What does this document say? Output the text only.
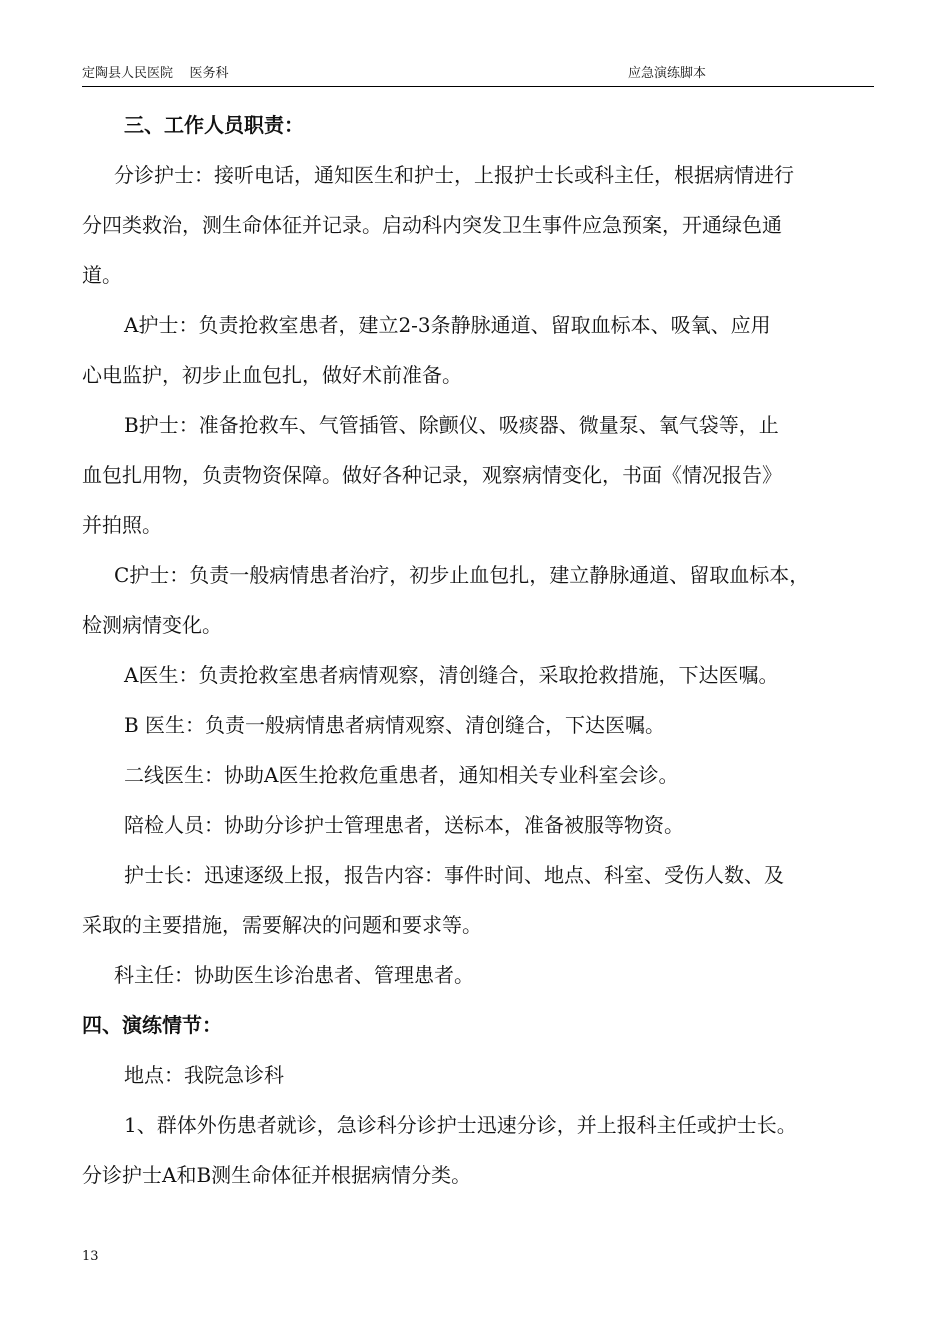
定陶县人民医院    医务科	应急演练脚本
三、工作人员职责：
分诊护士：接听电话，通知医生和护士，上报护士长或科主任，根据病情进行
分四类救治，测生命体征并记录。启动科内突发卫生事件应急预案，开通绿色通
道。
A护士：负责抢救室患者，建立2-3条静脉通道、留取血标本、吸氧、应用
心电监护，初步止血包扎，做好术前准备。
B护士：准备抢救车、气管插管、除颤仪、吸痰器、微量泵、氧气袋等，止
血包扎用物，负责物资保障。做好各种记录，观察病情变化，书面《情况报告》
并拍照。
C护士：负责一般病情患者治疗，初步止血包扎，建立静脉通道、留取血标本，
检测病情变化。
A医生：负责抢救室患者病情观察，清创缝合，采取抢救措施，下达医嘱。
B 医生：负责一般病情患者病情观察、清创缝合，下达医嘱。
二线医生：协助A医生抢救危重患者，通知相关专业科室会诊。
陪检人员：协助分诊护士管理患者，送标本，准备被服等物资。
护士长：迅速逐级上报，报告内容：事件时间、地点、科室、受伤人数、及
采取的主要措施，需要解决的问题和要求等。
科主任：协助医生诊治患者、管理患者。
四、演练情节：
地点：我院急诊科
1、群体外伤患者就诊，急诊科分诊护士迅速分诊，并上报科主任或护士长。
分诊护士A和B测生命体征并根据病情分类。
13
